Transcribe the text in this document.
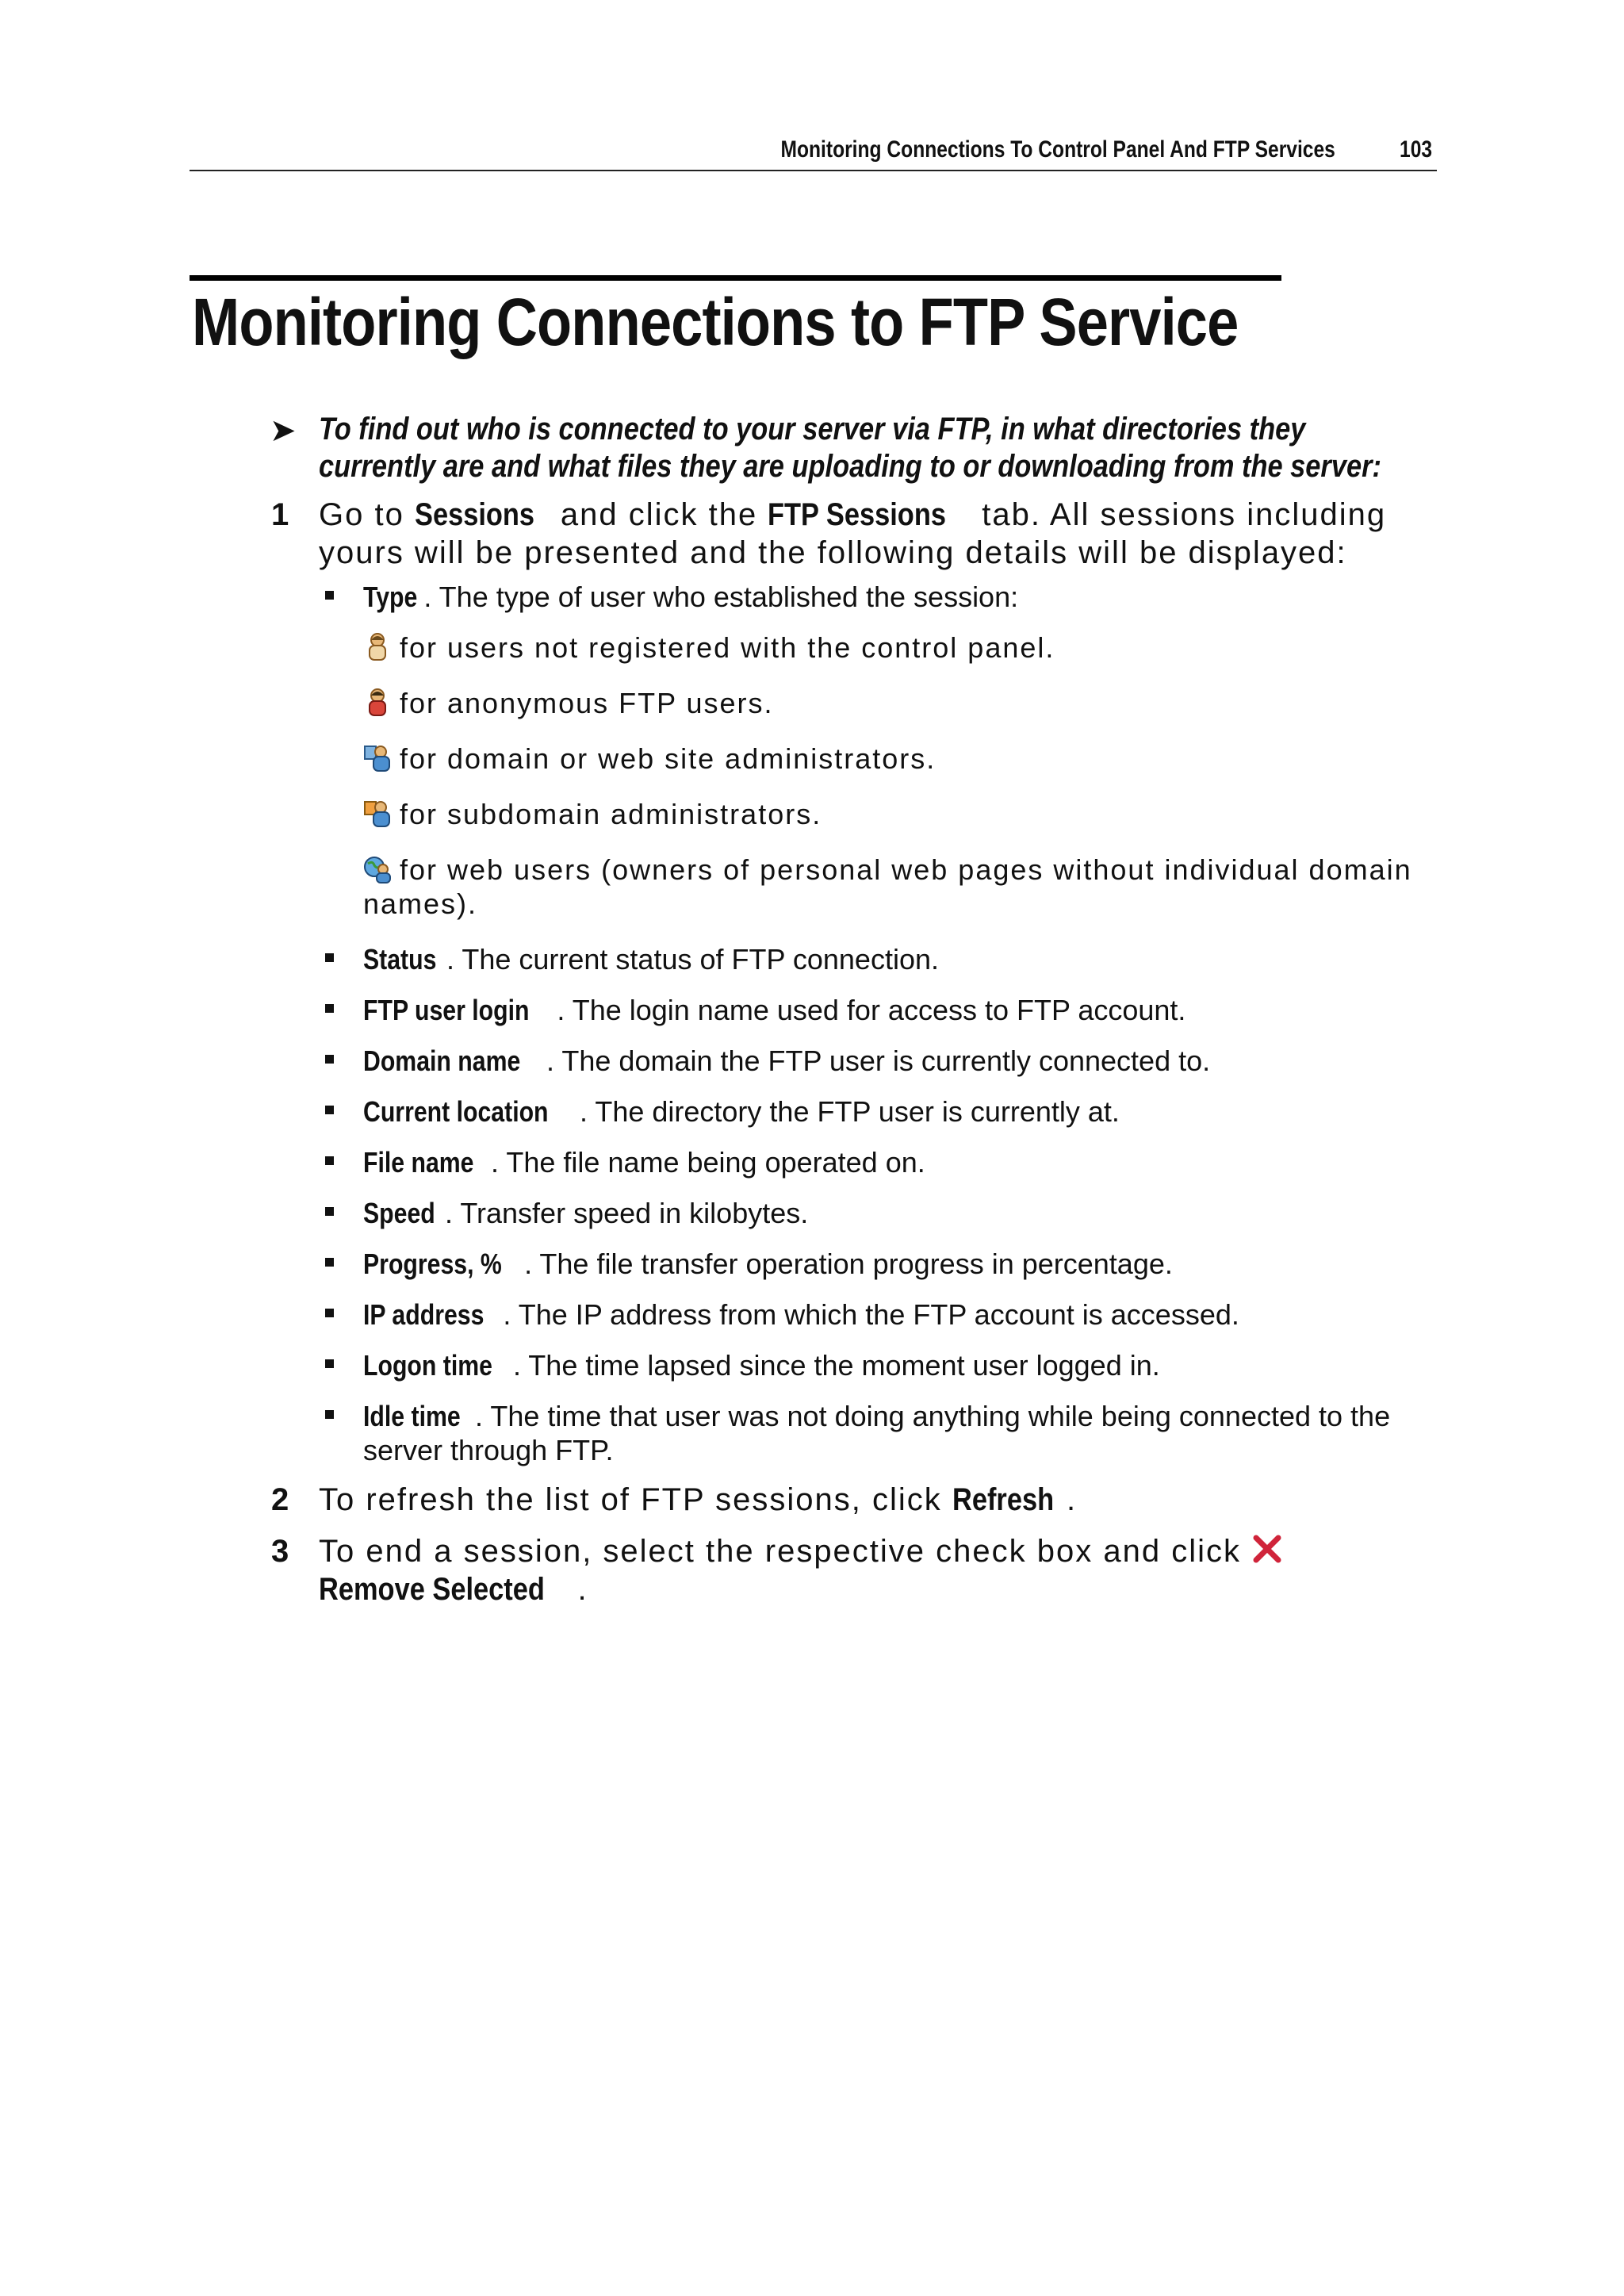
Monitoring Connections To Control Panel And FTP Services	103
Monitoring Connections to FTP Service
➤ To find out who is connected to your server via FTP, in what directories they currently are and what files they are uploading to or downloading from the server:
1 Go to Sessions and click the FTP Sessions tab. All sessions including yours will be presented and the following details will be displayed:
Type . The type of user who established the session:
for users not registered with the control panel.
for anonymous FTP users.
for domain or web site administrators.
for subdomain administrators.
for web users (owners of personal web pages without individual domain names).
Status . The current status of FTP connection.
FTP user login . The login name used for access to FTP account.
Domain name . The domain the FTP user is currently connected to.
Current location . The directory the FTP user is currently at.
File name . The file name being operated on.
Speed . Transfer speed in kilobytes.
Progress, % . The file transfer operation progress in percentage.
IP address . The IP address from which the FTP account is accessed.
Logon time . The time lapsed since the moment user logged in.
Idle time . The time that user was not doing anything while being connected to the server through FTP.
2 To refresh the list of FTP sessions, click Refresh .
3 To end a session, select the respective check box and click Remove Selected .
